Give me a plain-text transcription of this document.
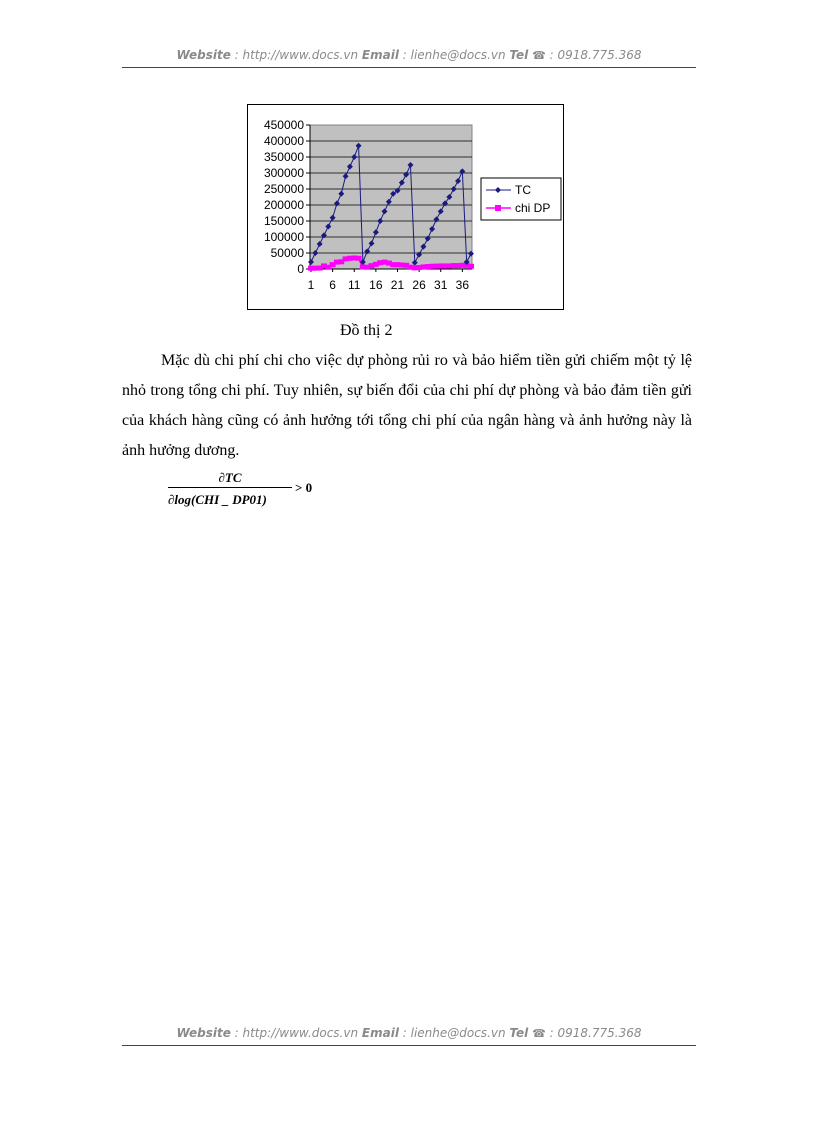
Website : http://www.docs.vn Email : lienhe@docs.vn Tel ☎ : 0918.775.368
450000
400000
350000
300000
250000
200000
150000
100000
50000
0
1 6 11 16 21 26 31 36
TC
chi DP
Đồ thị 2
Mặc dù chi phí chi cho việc dự phòng rủi ro và bảo hiểm tiền gửi chiếm một tỷ lệ nhỏ trong tổng chi phí. Tuy nhiên, sự biến đổi của chi phí dự phòng và bảo đảm tiền gửi của khách hàng cũng có ảnh hưởng tới tổng chi phí của ngân hàng và ảnh hưởng này là ảnh hưởng dương.
∂TC
∂log(CHI _ DP01)
> 0
Website : http://www.docs.vn Email : lienhe@docs.vn Tel ☎ : 0918.775.368
